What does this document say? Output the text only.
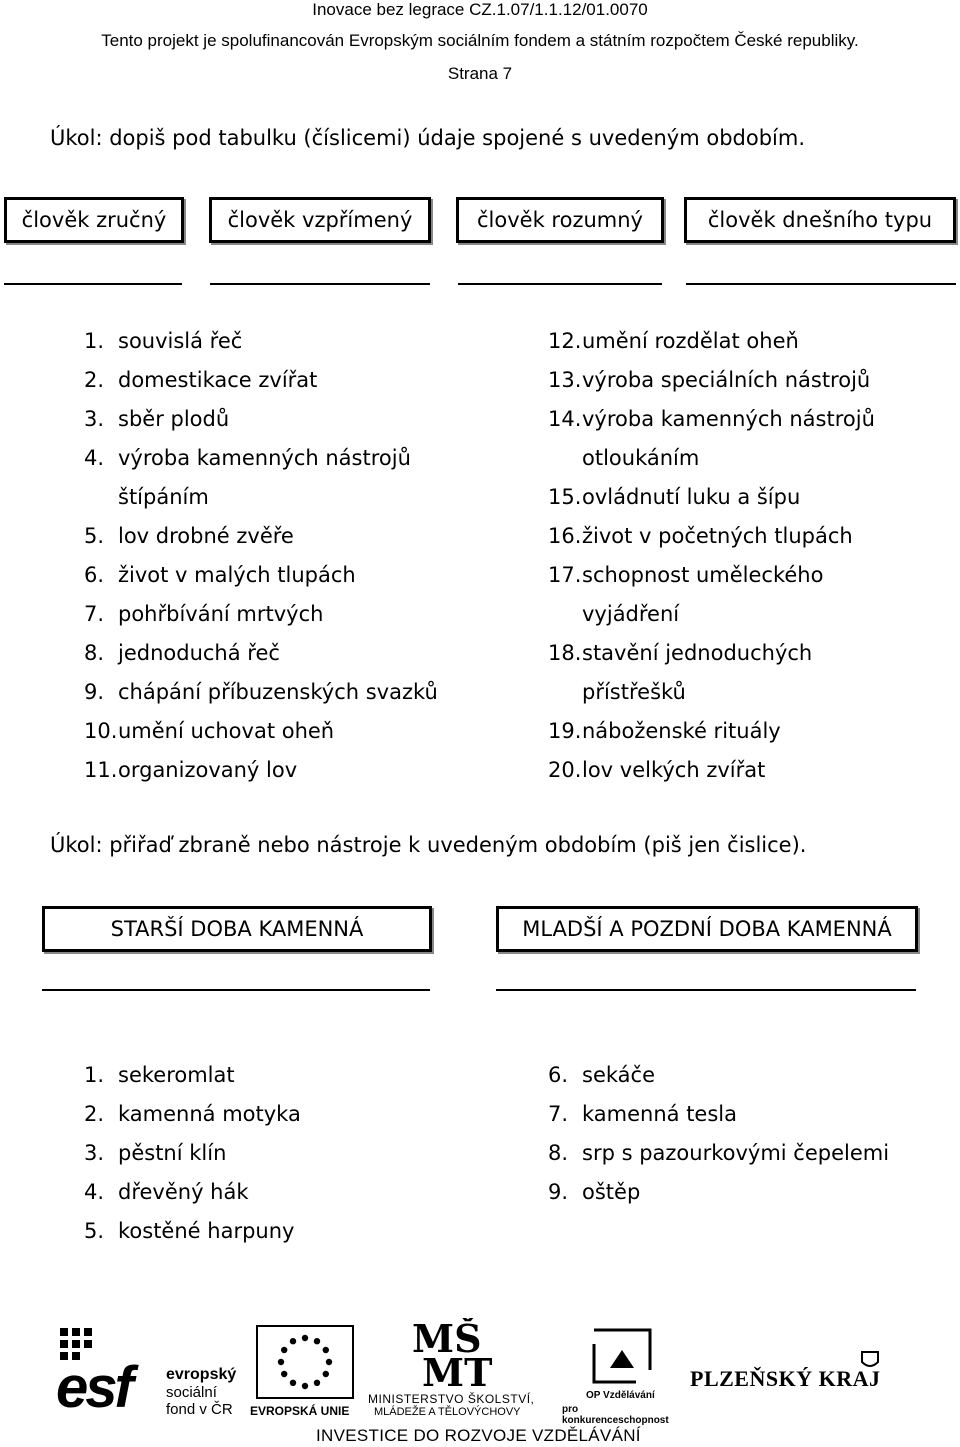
Inovace bez legrace CZ.1.07/1.1.12/01.0070
Tento projekt je spolufinancován Evropským sociálním fondem a státním rozpočtem České republiky.
Strana 7
Úkol: dopiš pod tabulku (číslicemi) údaje spojené s uvedeným obdobím.
člověk zručný	člověk vzpřímený	člověk rozumný	člověk dnešního typu
1. souvislá řeč
2. domestikace zvířat
3. sběr plodů
4. výroba kamenných nástrojů
štípáním
5. lov drobné zvěře
6. život v malých tlupách
7. pohřbívání mrtvých
8. jednoduchá řeč
9. chápání příbuzenských svazků
10.umění uchovat oheň
11.organizovaný lov
12.umění rozdělat oheň
13.výroba speciálních nástrojů
14.výroba kamenných nástrojů
otloukáním
15.ovládnutí luku a šípu
16.život v početných tlupách
17.schopnost uměleckého
vyjádření
18.stavění jednoduchých
přístřešků
19.náboženské rituály
20.lov velkých zvířat
Úkol: přiřaď zbraně nebo nástroje k uvedeným obdobím (piš jen čislice).
STARŠÍ DOBA KAMENNÁ	MLADŠÍ A POZDNÍ DOBA KAMENNÁ
1. sekeromlat
2. kamenná motyka
3. pěstní klín
4. dřevěný hák
5. kostěné harpuny
6. sekáče
7. kamenná tesla
8. srp s pazourkovými čepelemi
9. oštěp
esf evropský
sociální
fond v ČR EVROPSKÁ UNIE
MŠ
MT
MINISTERSTVO ŠKOLSTVÍ,
MLÁDEŽE A TĚLOVÝCHOVY
OP Vzdělávání
pro konkurenceschopnost
PLZEŇSKÝ KRAJ
INVESTICE DO ROZVOJE VZDĚLÁVÁNÍ
